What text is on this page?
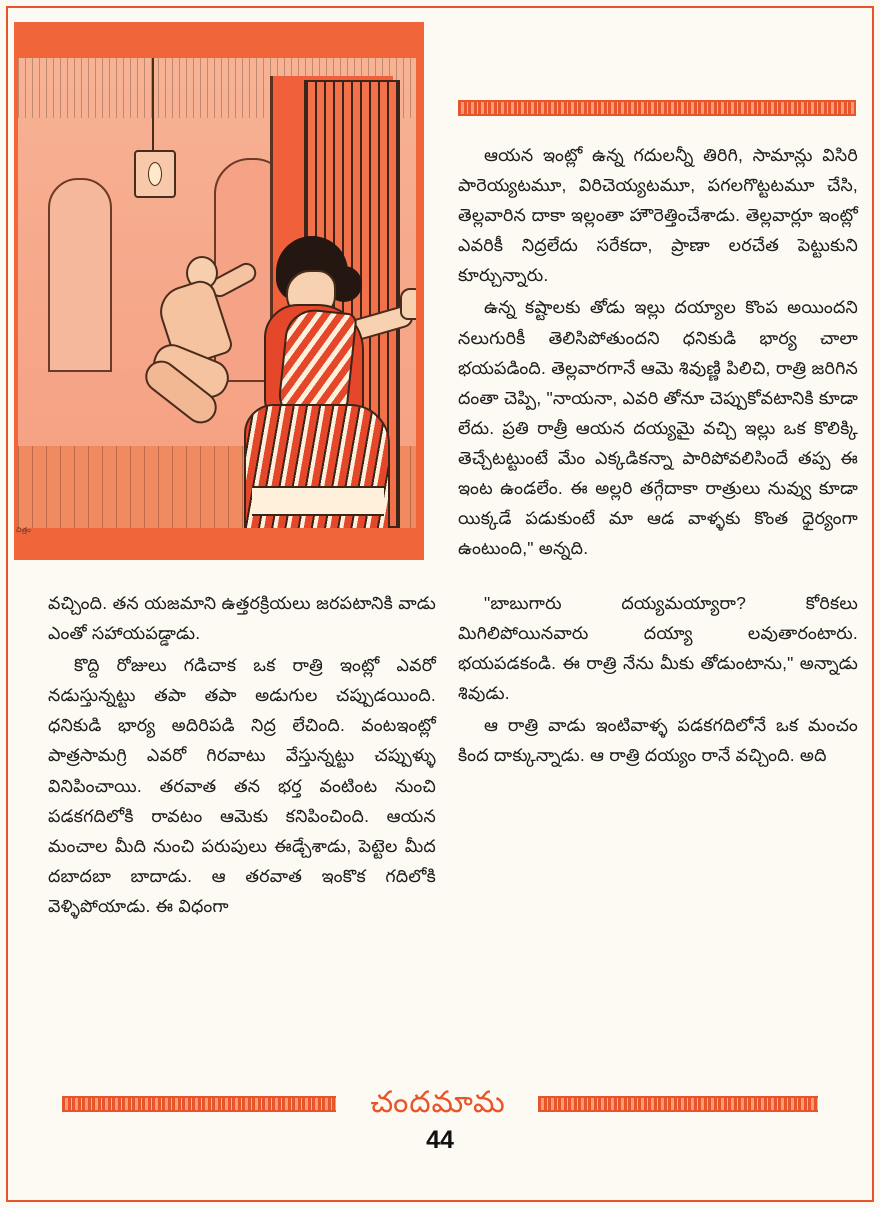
చిత్రం

ఆయన ఇంట్లో ఉన్న గదులన్నీ తిరిగి, సామాన్లు విసిరి పారెయ్యటమూ, విరిచెయ్యటమూ, పగలగొట్టటమూ చేసి, తెల్లవారిన దాకా ఇల్లంతా హౌరెత్తించేశాడు. తెల్లవార్లూ ఇంట్లో ఎవరికీ నిద్రలేదు సరేకదా, ప్రాణా లరచేత పెట్టుకుని కూర్చున్నారు.

ఉన్న కష్టాలకు తోడు ఇల్లు దయ్యాల కొంప అయిందని నలుగురికీ తెలిసిపోతుందని ధనికుడి భార్య చాలా భయపడింది. తెల్లవారగానే ఆమె శివుణ్ణి పిలిచి, రాత్రి జరిగిన దంతా చెప్పి, "నాయనా, ఎవరి తోనూ చెప్పుకోవటానికి కూడా లేదు. ప్రతి రాత్రీ ఆయన దయ్యమై వచ్చి ఇల్లు ఒక కొలిక్కి తెచ్చేటట్టుంటే మేం ఎక్కడికన్నా పారిపోవలిసిందే తప్ప ఈ ఇంట ఉండలేం. ఈ అల్లరి తగ్గేదాకా రాత్రులు నువ్వు కూడా యిక్కడే పడుకుంటే మా ఆడ వాళ్ళకు కొంత ధైర్యంగా ఉంటుంది," అన్నది.

వచ్చింది. తన యజమాని ఉత్తరక్రియలు జరపటానికి వాడు ఎంతో సహాయపడ్డాడు.

కొద్ది రోజులు గడిచాక ఒక రాత్రి ఇంట్లో ఎవరో నడుస్తున్నట్టు తపా తపా అడుగుల చప్పుడయింది. ధనికుడి భార్య అదిరిపడి నిద్ర లేచింది. వంటఇంట్లో పాత్రసామగ్రి ఎవరో గిరవాటు వేస్తున్నట్టు చప్పుళ్ళు వినిపించాయి. తరవాత తన భర్త వంటింట నుంచి పడకగదిలోకి రావటం ఆమెకు కనిపించింది. ఆయన మంచాల మీది నుంచి పరుపులు ఈడ్చేశాడు, పెట్టెల మీద దబాదబా బాదాడు. ఆ తరవాత ఇంకొక గదిలోకి వెళ్ళిపోయాడు. ఈ విధంగా

"బాబుగారు దయ్యమయ్యారా? కోరికలు మిగిలిపోయినవారు దయ్యా లవుతారంటారు. భయపడకండి. ఈ రాత్రి నేను మీకు తోడుంటాను," అన్నాడు శివుడు.

ఆ రాత్రి వాడు ఇంటివాళ్ళ పడకగదిలోనే ఒక మంచం కింద దాక్కున్నాడు. ఆ రాత్రి దయ్యం రానే వచ్చింది. అది

చందమామ
44
